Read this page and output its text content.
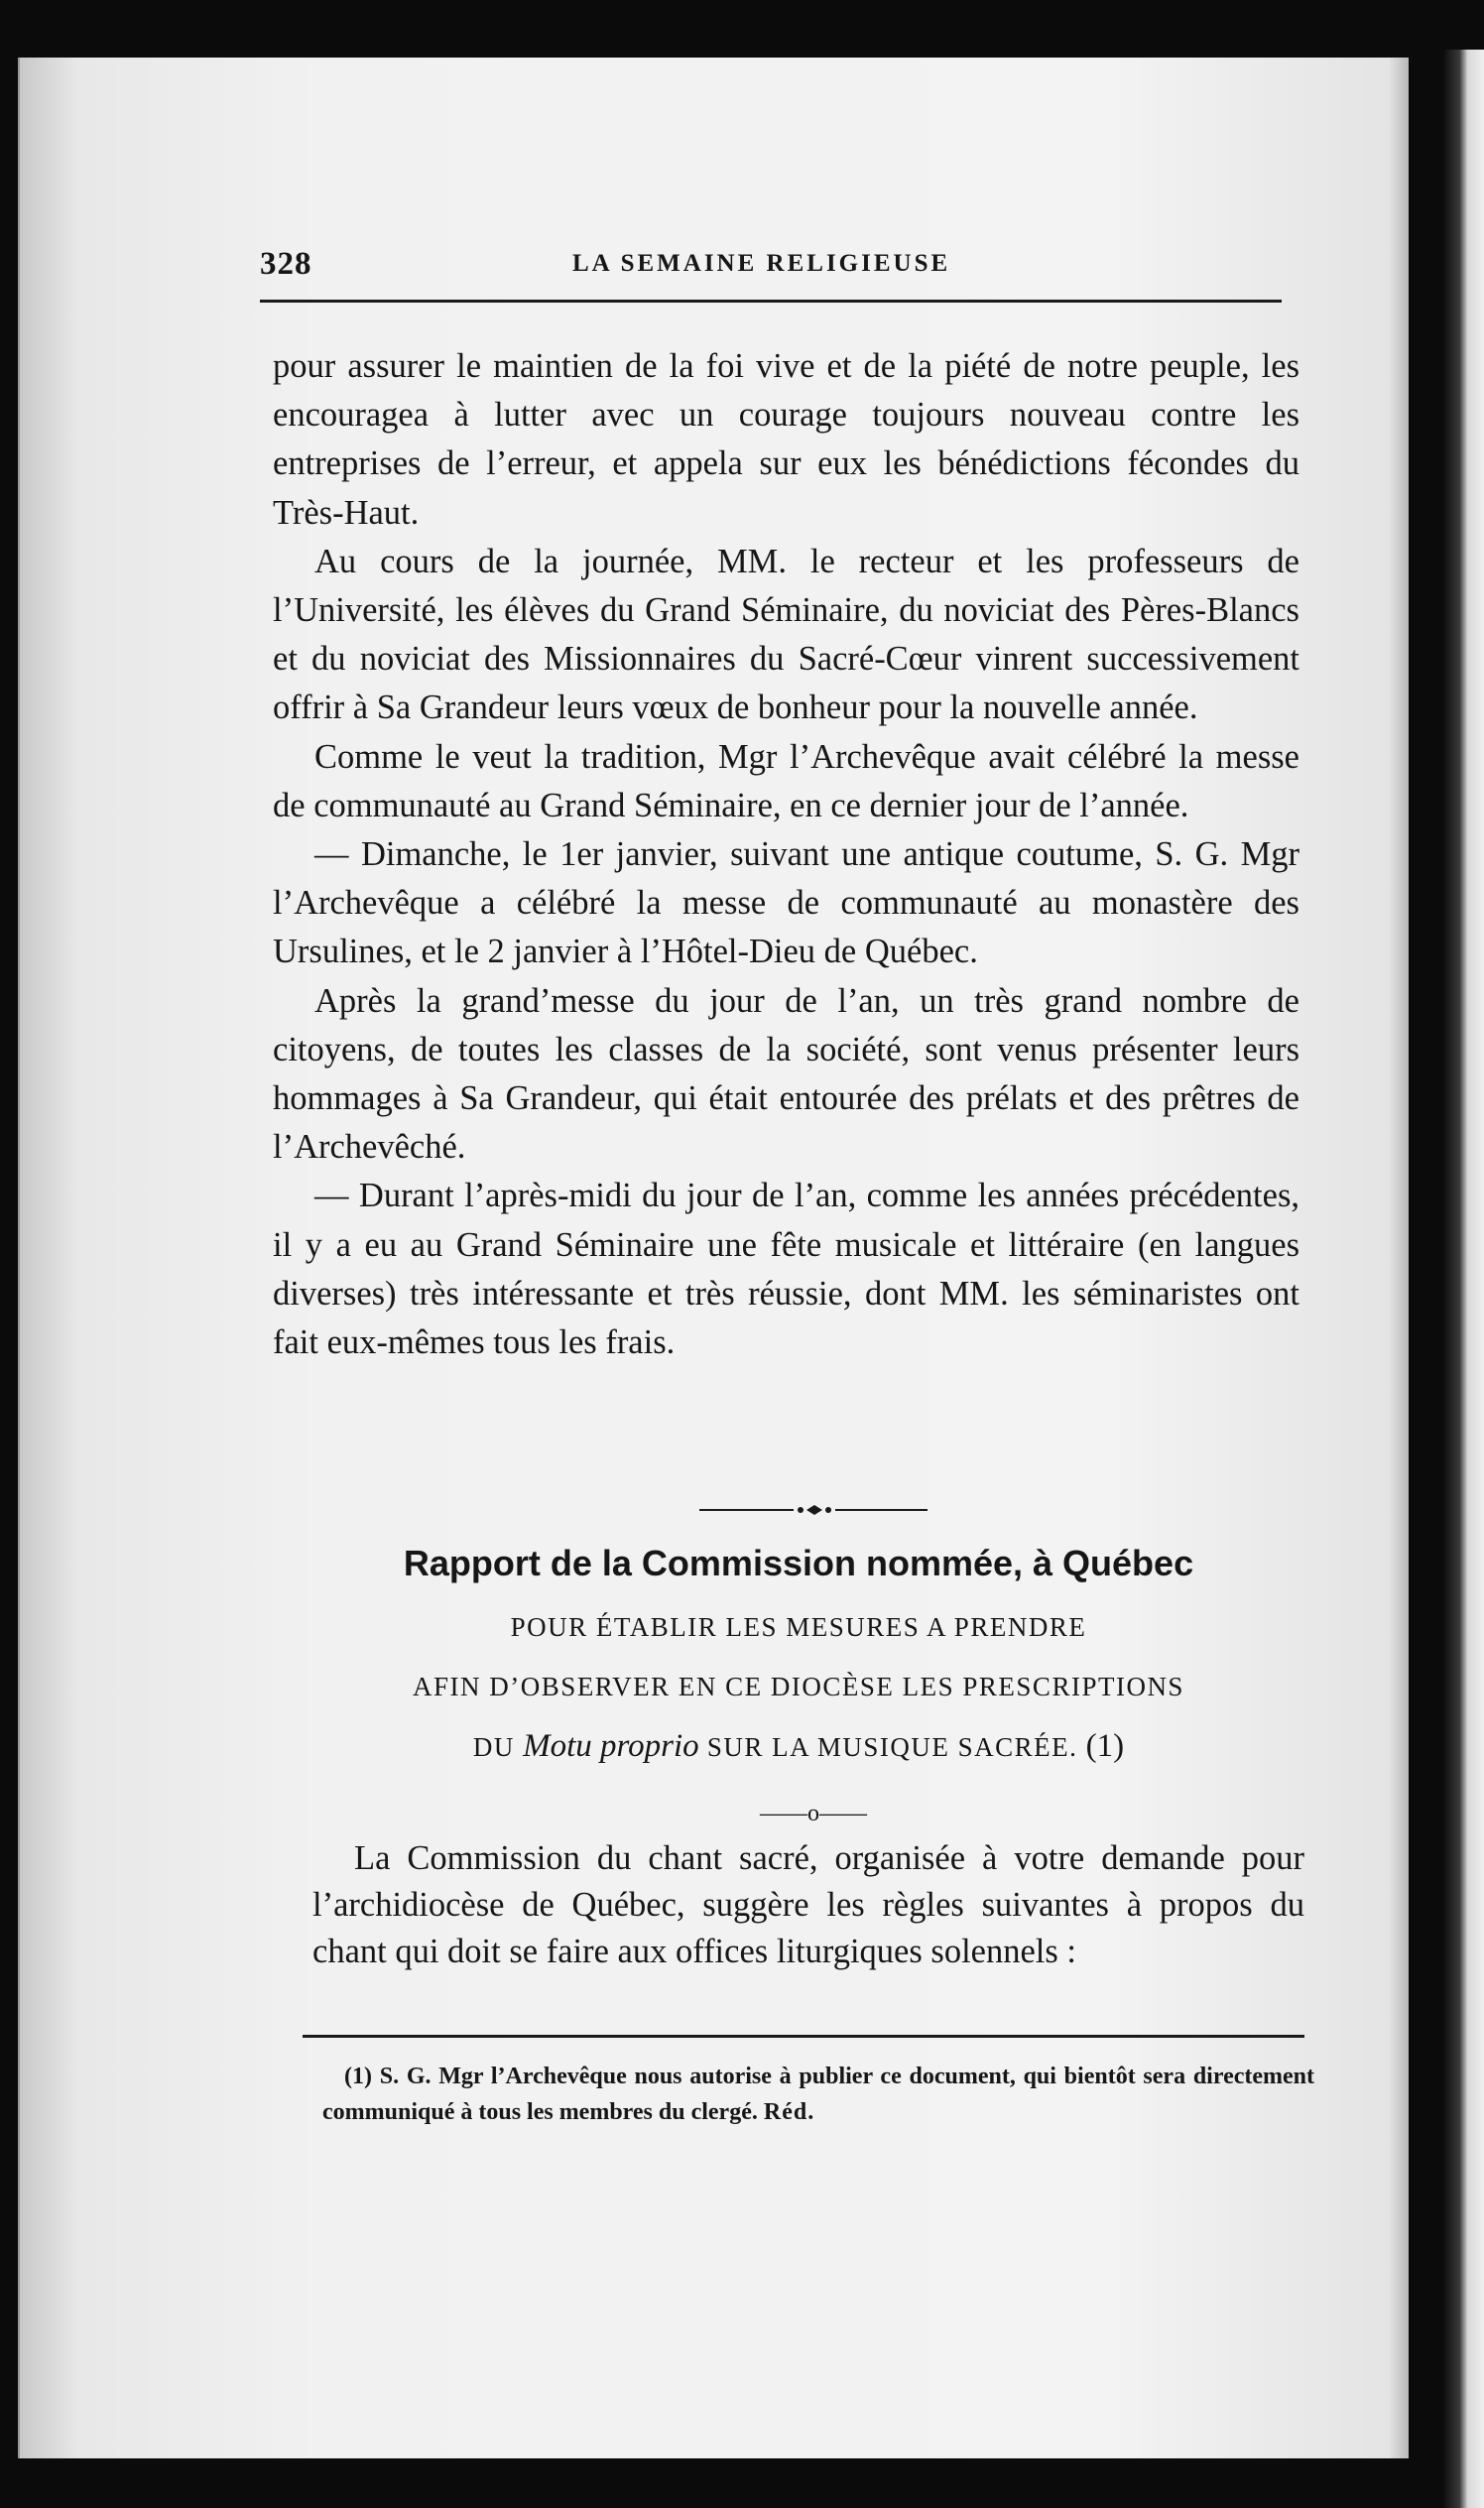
328	LA SEMAINE RELIGIEUSE

pour assurer le maintien de la foi vive et de la piété de notre peuple, les encouragea à lutter avec un courage toujours nouveau contre les entreprises de l’erreur, et appela sur eux les bénédictions fécondes du Très-Haut.

Au cours de la journée, MM. le recteur et les professeurs de l’Université, les élèves du Grand Séminaire, du noviciat des Pères-Blancs et du noviciat des Missionnaires du Sacré-Cœur vinrent successivement offrir à Sa Grandeur leurs vœux de bonheur pour la nouvelle année.

Comme le veut la tradition, Mgr l’Archevêque avait célébré la messe de communauté au Grand Séminaire, en ce dernier jour de l’année.

— Dimanche, le 1er janvier, suivant une antique coutume, S. G. Mgr l’Archevêque a célébré la messe de communauté au monastère des Ursulines, et le 2 janvier à l’Hôtel-Dieu de Québec.

Après la grand’messe du jour de l’an, un très grand nombre de citoyens, de toutes les classes de la société, sont venus présenter leurs hommages à Sa Grandeur, qui était entourée des prélats et des prêtres de l’Archevêché.

— Durant l’après-midi du jour de l’an, comme les années précédentes, il y a eu au Grand Séminaire une fête musicale et littéraire (en langues diverses) très intéressante et très réussie, dont MM. les séminaristes ont fait eux-mêmes tous les frais.

Rapport de la Commission nommée, à Québec
POUR ÉTABLIR LES MESURES A PRENDRE
AFIN D’OBSERVER EN CE DIOCÈSE LES PRESCRIPTIONS
DU Motu proprio SUR LA MUSIQUE SACRÉE. (1)
——o——

La Commission du chant sacré, organisée à votre demande pour l’archidiocèse de Québec, suggère les règles suivantes à propos du chant qui doit se faire aux offices liturgiques solennels :

(1) S. G. Mgr l’Archevêque nous autorise à publier ce document, qui bientôt sera directement communiqué à tous les membres du clergé. Réd.
